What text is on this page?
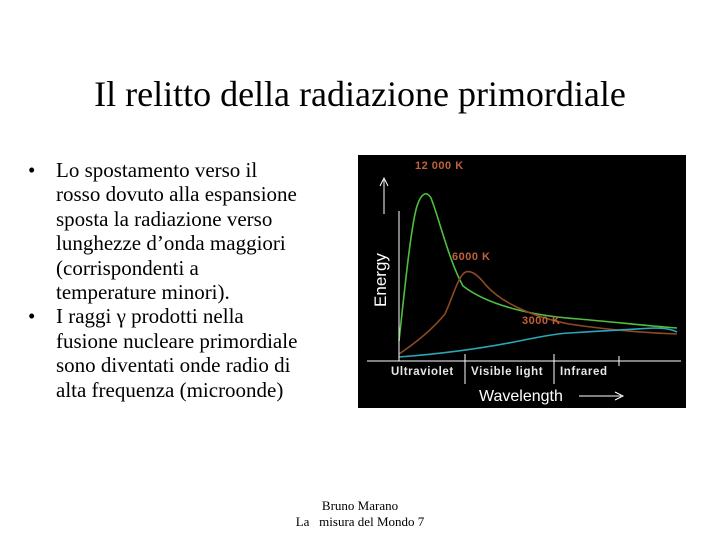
Il relitto della radiazione primordiale
• Lo spostamento verso il
rosso dovuto alla espansione
sposta la radiazione verso
lunghezze d’onda maggiori
(corrispondenti a
temperature minori).
• I raggi γ prodotti nella
fusione nucleare primordiale
sono diventati onde radio di
alta frequenza (microonde)
Energy
12 000 K
6000 K
3000 K
Ultraviolet Visible light Infrared
Wavelength
Bruno Marano
La   misura del Mondo 7
